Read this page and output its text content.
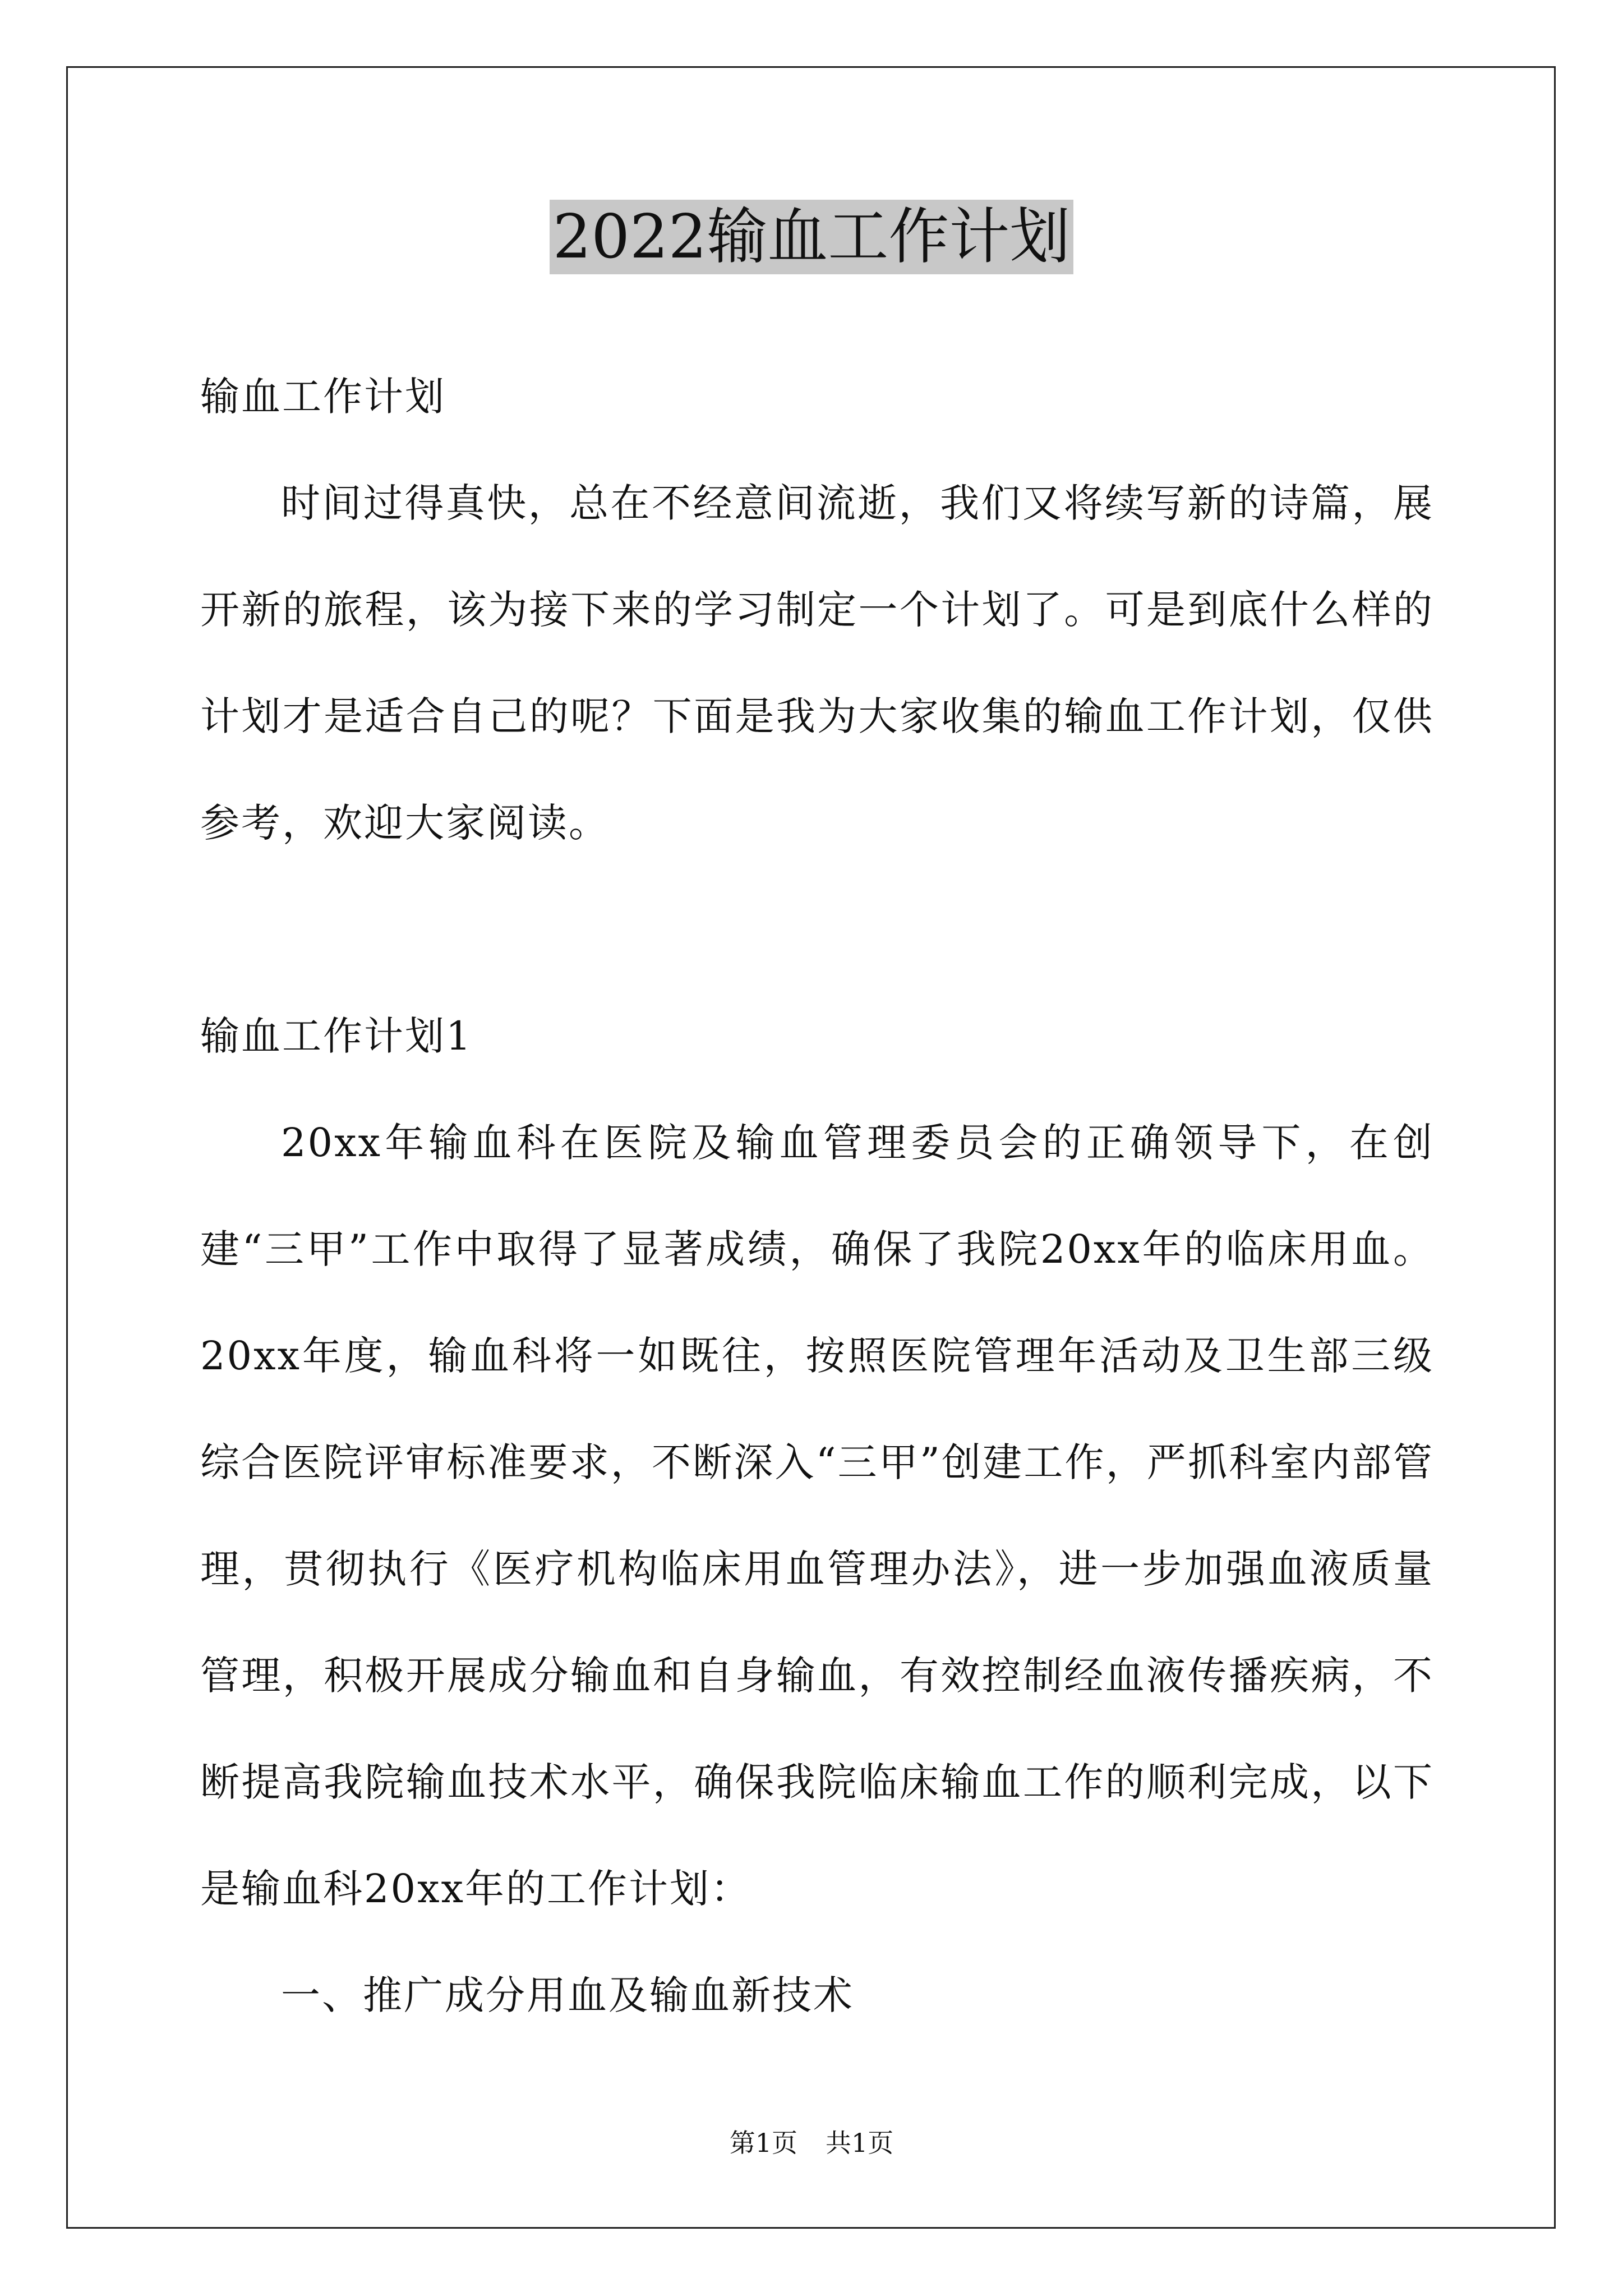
2022输血工作计划

输血工作计划

时间过得真快，总在不经意间流逝，我们又将续写新的诗篇，展开新的旅程，该为接下来的学习制定一个计划了。可是到底什么样的计划才是适合自己的呢？下面是我为大家收集的输血工作计划，仅供参考，欢迎大家阅读。

输血工作计划1

20xx年输血科在医院及输血管理委员会的正确领导下，在创建“三甲”工作中取得了显著成绩，确保了我院20xx年的临床用血。20xx年度，输血科将一如既往，按照医院管理年活动及卫生部三级综合医院评审标准要求，不断深入“三甲”创建工作，严抓科室内部管理，贯彻执行《医疗机构临床用血管理办法》，进一步加强血液质量管理，积极开展成分输血和自身输血，有效控制经血液传播疾病，不断提高我院输血技术水平，确保我院临床输血工作的顺利完成，以下是输血科20xx年的工作计划：

一、推广成分用血及输血新技术

第1页 共1页
